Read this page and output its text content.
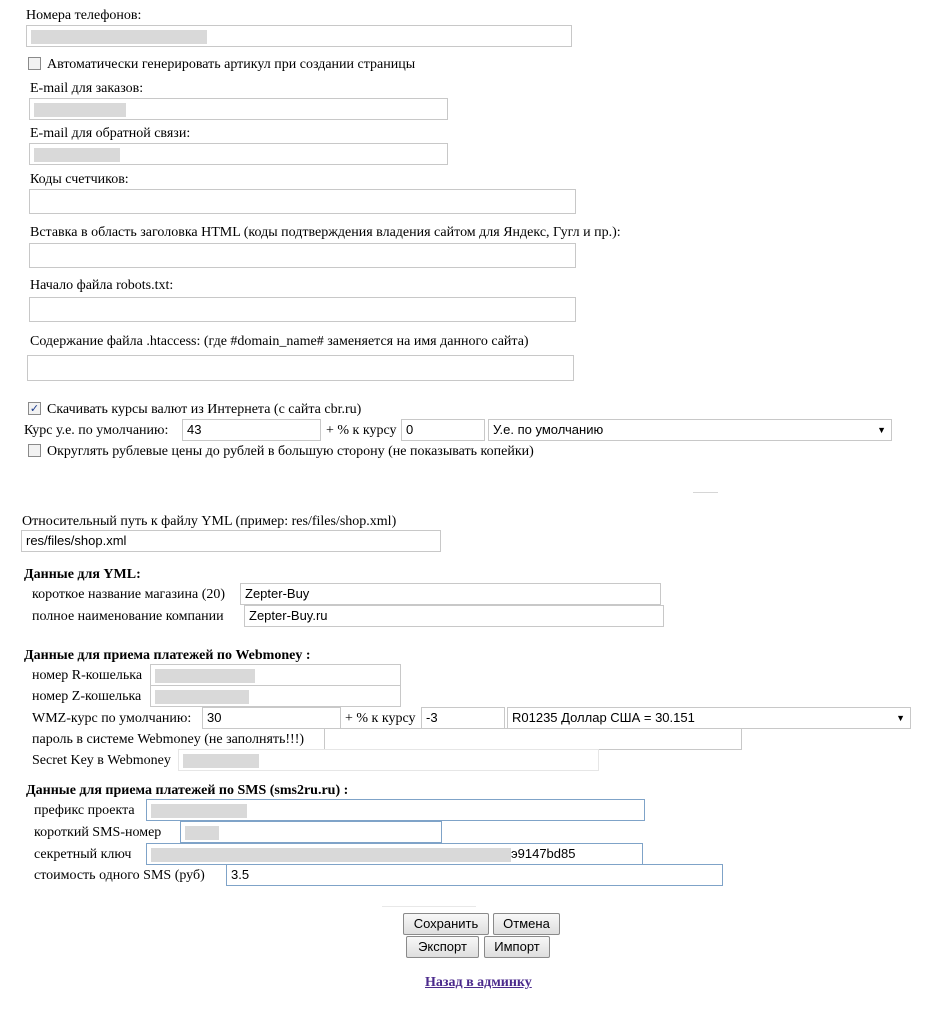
Номера телефонов:
Автоматически генерировать артикул при создании страницы
E-mail для заказов:
E-mail для обратной связи:
Коды счетчиков:
Вставка в область заголовка HTML (коды подтверждения владения сайтом для Яндекс, Гугл и пр.):
Начало файла robots.txt:
Содержание файла .htaccess: (где #domain_name# заменяется на имя данного сайта)
✓ Скачивать курсы валют из Интернета (с сайта cbr.ru)
Курс у.е. по умолчанию:	43	+ % к курсу 0	У.е. по умолчанию	▼
Округлять рублевые цены до рублей в большую сторону (не показывать копейки)
Относительный путь к файлу YML (пример: res/files/shop.xml)
res/files/shop.xml
Данные для YML:
короткое название магазина (20)	Zepter-Buy
полное наименование компании	Zepter-Buy.ru
Данные для приема платежей по Webmoney :
номер R-кошелька
номер Z-кошелька
WMZ-курс по умолчанию:	30	+ % к курсу -3	R01235 Доллар США = 30.151	▼
пароль в системе Webmoney (не заполнять!!!)
Secret Key в Webmoney
Данные для приема платежей по SMS (sms2ru.ru) :
префикс проекта
короткий SMS-номер
секретный ключ	э9147bd85
стоимость одного SMS (руб)	3.5
Сохранить	Отмена
Экспорт	Импорт
Назад в админку
